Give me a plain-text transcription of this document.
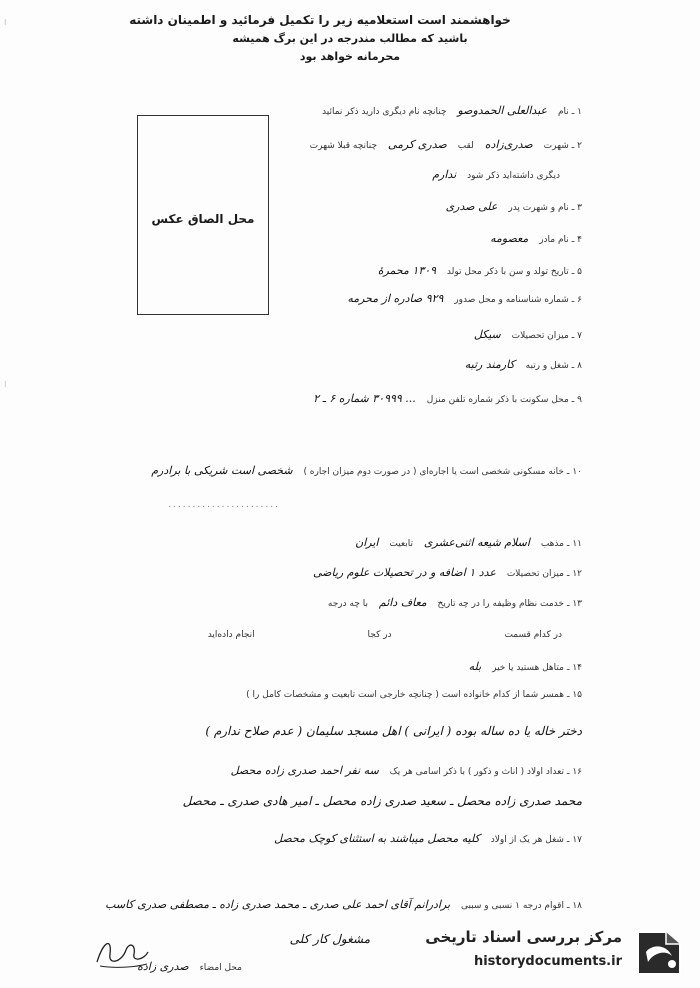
⁝
⁝
خواهشمند است استعلامیه زیر را تکمیل فرمائید و اطمینان داشته
باشید که مطالب مندرجه در این برگ همیشه
محرمانه خواهد بود
محل الصاق عکس
۱ ـ نام عبدالعلی الحمدوصو چنانچه نام دیگری دارید ذکر نمائید
۲ ـ شهرت صدری‌زاده لقب صدری کرمی چنانچه قبلا شهرت
دیگری داشته‌اید ذکر شود ندارم
۳ ـ نام و شهرت پدر علی صدری
۴ ـ نام مادر معصومه
۵ ـ تاریخ تولد و سن با ذکر محل تولد ۱۳۰۹ محمرهٔ
۶ ـ شماره شناسنامه و محل صدور ۹۲۹ صادره از محرمه
۷ ـ میزان تحصیلات سیکل
۸ ـ شغل و رتبه کارمند رتبه
۹ ـ محل سکونت با ذکر شماره تلفن منزل ... ۳۰۹۹۹ شماره ۶ ـ ۲
۱۰ ـ خانه مسکونی شخصی است یا اجاره‌ای ( در صورت دوم میزان اجاره ) شخصی است شریکی با برادرم
.......................
۱۱ ـ مذهب اسلام شیعه اثنی‌عشری تابعیت ایران
۱۲ ـ میزان تحصیلات عدد ۱ اضافه و در تحصیلات علوم ریاضی
۱۳ ـ خدمت نظام وظیفه را در چه تاریخ معاف دائم با چه درجه
در کدام قسمت در کجا انجام داده‌اید
۱۴ ـ متاهل هستید یا خیر بله
۱۵ ـ همسر شما از کدام خانواده است ( چنانچه خارجی است تابعیت و مشخصات کامل را )
دختر خاله یا ده ساله بوده ( ایرانی ) اهل مسجد سلیمان ( عدم صلاح ندارم )
۱۶ ـ تعداد اولاد ( اناث و ذکور ) با ذکر اسامی هر یک سه نفر احمد صدری زاده محصل
محمد صدری زاده محصل ـ سعید صدری زاده محصل ـ امیر هادی صدری ـ محصل
۱۷ ـ شغل هر یک از اولاد کلیه محصل میباشند به استثنای کوچک محصل
۱۸ ـ اقوام درجه ۱ نسبی و سببی برادرانم آقای احمد علی صدری ـ محمد صدری زاده ـ مصطفی صدری کاسب
مشغول کار کلی
محل امضاء صدری زاده
مرکز بررسی اسناد تاریخی
historydocuments.ir
